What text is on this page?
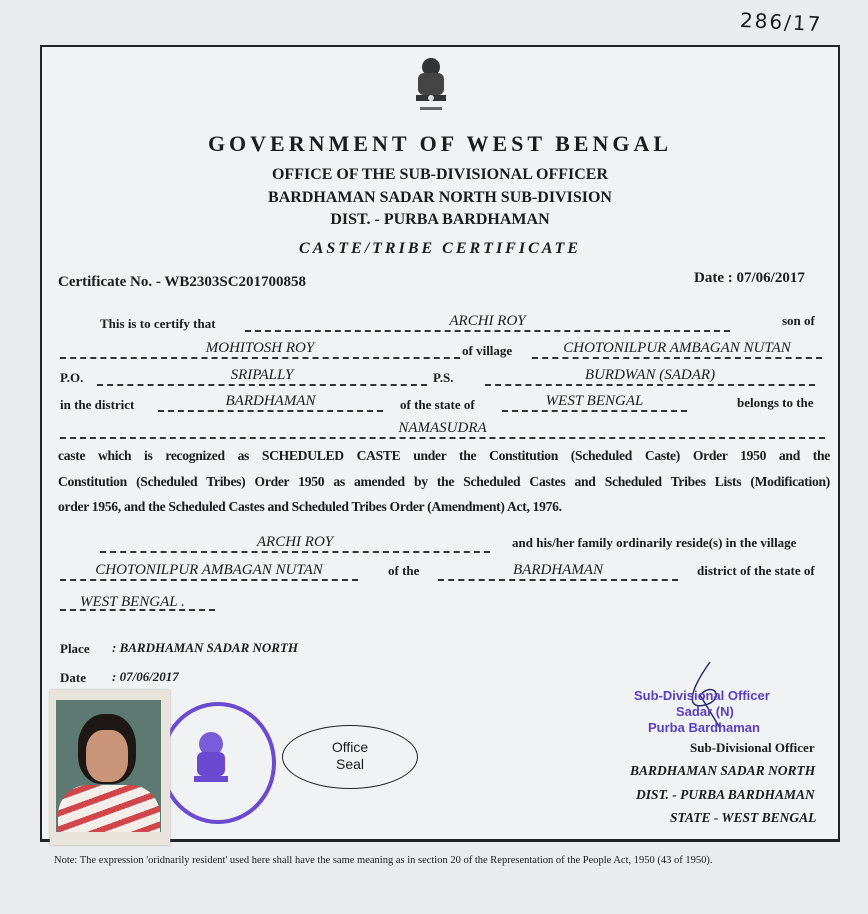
286/17
GOVERNMENT OF WEST BENGAL
OFFICE OF THE SUB-DIVISIONAL OFFICER
BARDHAMAN SADAR NORTH SUB-DIVISION
DIST. - PURBA BARDHAMAN
CASTE/TRIBE CERTIFICATE
Certificate No. - WB2303SC201700858	Date : 07/06/2017
This is to certify that	ARCHI ROY	son of
MOHITOSH ROY	of village	CHOTONILPUR AMBAGAN NUTAN
P.O.	SRIPALLY	P.S.	BURDWAN (SADAR)
in the district	BARDHAMAN	of the state of	WEST BENGAL	belongs to the
NAMASUDRA
caste which is recognized as SCHEDULED CASTE under the Constitution (Scheduled Caste) Order 1950 and the
Constitution (Scheduled Tribes) Order 1950 as amended by the Scheduled Castes and Scheduled Tribes Lists (Modification)
order 1956, and the Scheduled Castes and Scheduled Tribes Order (Amendment) Act, 1976.
ARCHI ROY	and his/her family ordinarily reside(s) in the village
CHOTONILPUR AMBAGAN NUTAN	of the	BARDHAMAN	district of the state of
WEST BENGAL .
Place : BARDHAMAN SADAR NORTH
Date : 07/06/2017
Office
Seal
Sub-Divisional Officer
Sadar (N)
Purba Bardhaman
Sub-Divisional Officer
BARDHAMAN SADAR NORTH
DIST. - PURBA BARDHAMAN
STATE - WEST BENGAL
Note: The expression 'oridnarily resident' used here shall have the same meaning as in section 20 of the Representation of the People Act, 1950 (43 of 1950).
